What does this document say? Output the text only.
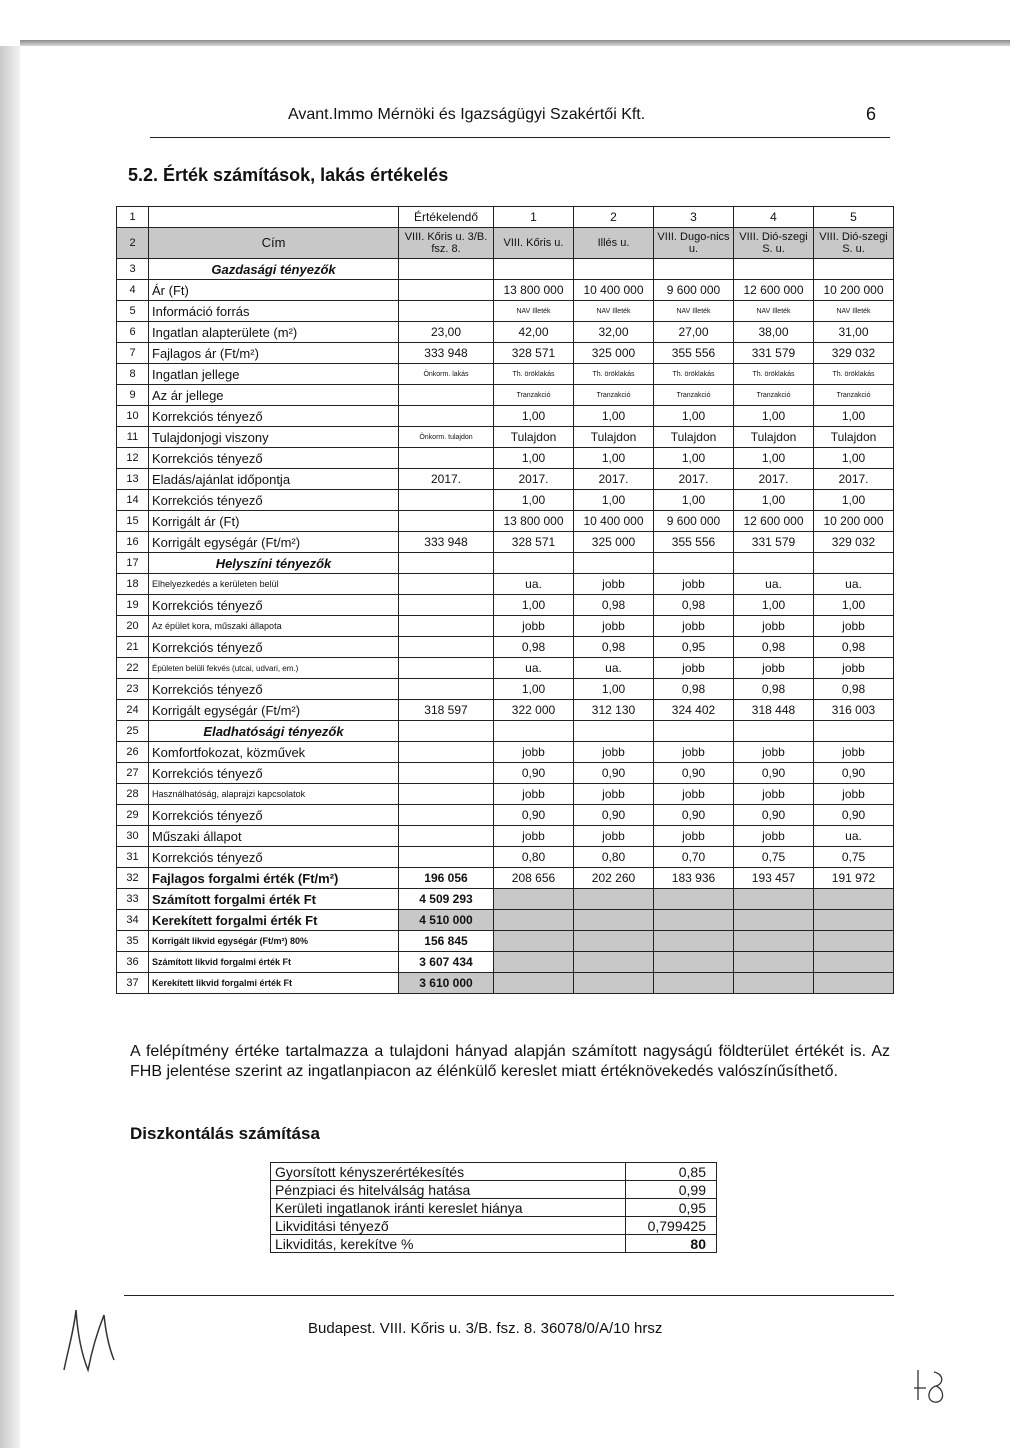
Avant.Immo Mérnöki és Igazságügyi Szakértői Kft.	6
5.2. Érték számítások, lakás értékelés
1		Értékelendő	1	2	3	4	5
2	Cím	VIII. Kőris u. 3/B. fsz. 8.	VIII. Kőris u.	Illés u.	VIII. Dugo-nics u.	VIII. Dió-szegi S. u.	VIII. Dió-szegi S. u.
3	Gazdasági tényezők						
4	Ár (Ft)		13 800 000	10 400 000	9 600 000	12 600 000	10 200 000
5	Információ forrás		NAV Illeték	NAV Illeték	NAV Illeték	NAV Illeték	NAV Illeték
6	Ingatlan alapterülete (m²)	23,00	42,00	32,00	27,00	38,00	31,00
7	Fajlagos ár (Ft/m²)	333 948	328 571	325 000	355 556	331 579	329 032
8	Ingatlan jellege	Önkorm. lakás	Th. öröklakás	Th. öröklakás	Th. öröklakás	Th. öröklakás	Th. öröklakás
9	Az ár jellege		Tranzakció	Tranzakció	Tranzakció	Tranzakció	Tranzakció
10	Korrekciós tényező		1,00	1,00	1,00	1,00	1,00
11	Tulajdonjogi viszony	Önkorm. tulajdon	Tulajdon	Tulajdon	Tulajdon	Tulajdon	Tulajdon
12	Korrekciós tényező		1,00	1,00	1,00	1,00	1,00
13	Eladás/ajánlat időpontja	2017.	2017.	2017.	2017.	2017.	2017.
14	Korrekciós tényező		1,00	1,00	1,00	1,00	1,00
15	Korrigált ár (Ft)		13 800 000	10 400 000	9 600 000	12 600 000	10 200 000
16	Korrigált egységár (Ft/m²)	333 948	328 571	325 000	355 556	331 579	329 032
17	Helyszíni tényezők						
18	Elhelyezkedés a kerületen belül		ua.	jobb	jobb	ua.	ua.
19	Korrekciós tényező		1,00	0,98	0,98	1,00	1,00
20	Az épület kora, műszaki állapota		jobb	jobb	jobb	jobb	jobb
21	Korrekciós tényező		0,98	0,98	0,95	0,98	0,98
22	Épületen belüli fekvés (utcai, udvari, em.)		ua.	ua.	jobb	jobb	jobb
23	Korrekciós tényező		1,00	1,00	0,98	0,98	0,98
24	Korrigált egységár (Ft/m²)	318 597	322 000	312 130	324 402	318 448	316 003
25	Eladhatósági tényezők						
26	Komfortfokozat, közművek		jobb	jobb	jobb	jobb	jobb
27	Korrekciós tényező		0,90	0,90	0,90	0,90	0,90
28	Használhatóság, alaprajzi kapcsolatok		jobb	jobb	jobb	jobb	jobb
29	Korrekciós tényező		0,90	0,90	0,90	0,90	0,90
30	Műszaki állapot		jobb	jobb	jobb	jobb	ua.
31	Korrekciós tényező		0,80	0,80	0,70	0,75	0,75
32	Fajlagos forgalmi érték (Ft/m²)	196 056	208 656	202 260	183 936	193 457	191 972
33	Számított forgalmi érték Ft	4 509 293					
34	Kerekített forgalmi érték Ft	4 510 000					
35	Korrigált likvid egységár (Ft/m²) 80%	156 845					
36	Számított likvid forgalmi érték Ft	3 607 434					
37	Kerekített likvid forgalmi érték Ft	3 610 000					
A felépítmény értéke tartalmazza a tulajdoni hányad alapján számított nagyságú földterület értékét is. Az FHB jelentése szerint az ingatlanpiacon az élénkülő kereslet miatt értéknövekedés valószínűsíthető.
Diszkontálás számítása
Gyorsított kényszerértékesítés	0,85
Pénzpiaci és hitelválság hatása	0,99
Kerületi ingatlanok iránti kereslet hiánya	0,95
Likviditási tényező	0,799425
Likviditás, kerekítve %	80
Budapest. VIII. Kőris u. 3/B. fsz. 8. 36078/0/A/10 hrsz
